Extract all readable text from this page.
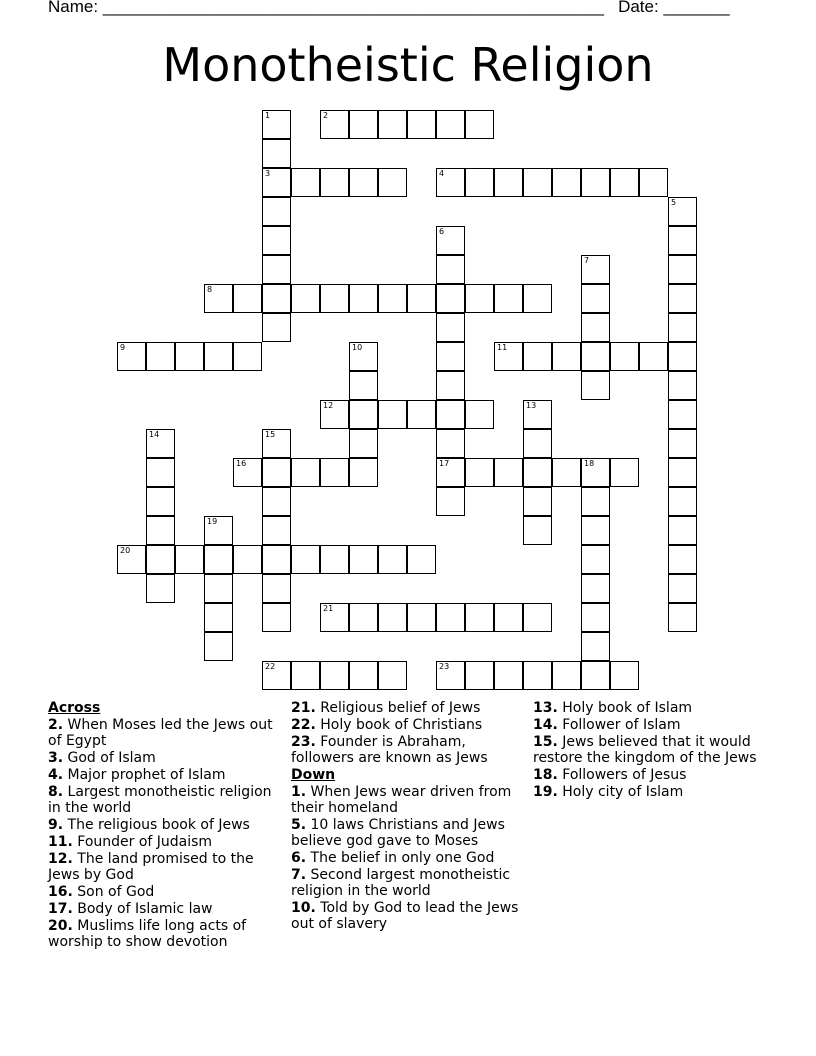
Name: _____________________________________________________ Date: _______
Monotheistic Religion
1
3
2
4
5
6
17
7
8
9	10	11
12	13
14	15
16	18
19
20
21
22	23
Across
2. When Moses led the Jews out of Egypt
3. God of Islam
4. Major prophet of Islam
8. Largest monotheistic religion in the world
9. The religious book of Jews
11. Founder of Judaism
12. The land promised to the Jews by God
16. Son of God
17. Body of Islamic law
20. Muslims life long acts of worship to show devotion
21. Religious belief of Jews
22. Holy book of Christians
23. Founder is Abraham, followers are known as Jews
Down
1. When Jews wear driven from their homeland
5. 10 laws Christians and Jews believe god gave to Moses
6. The belief in only one God
7. Second largest monotheistic religion in the world
10. Told by God to lead the Jews out of slavery
13. Holy book of Islam
14. Follower of Islam
15. Jews believed that it would restore the kingdom of the Jews
18. Followers of Jesus
19. Holy city of Islam
